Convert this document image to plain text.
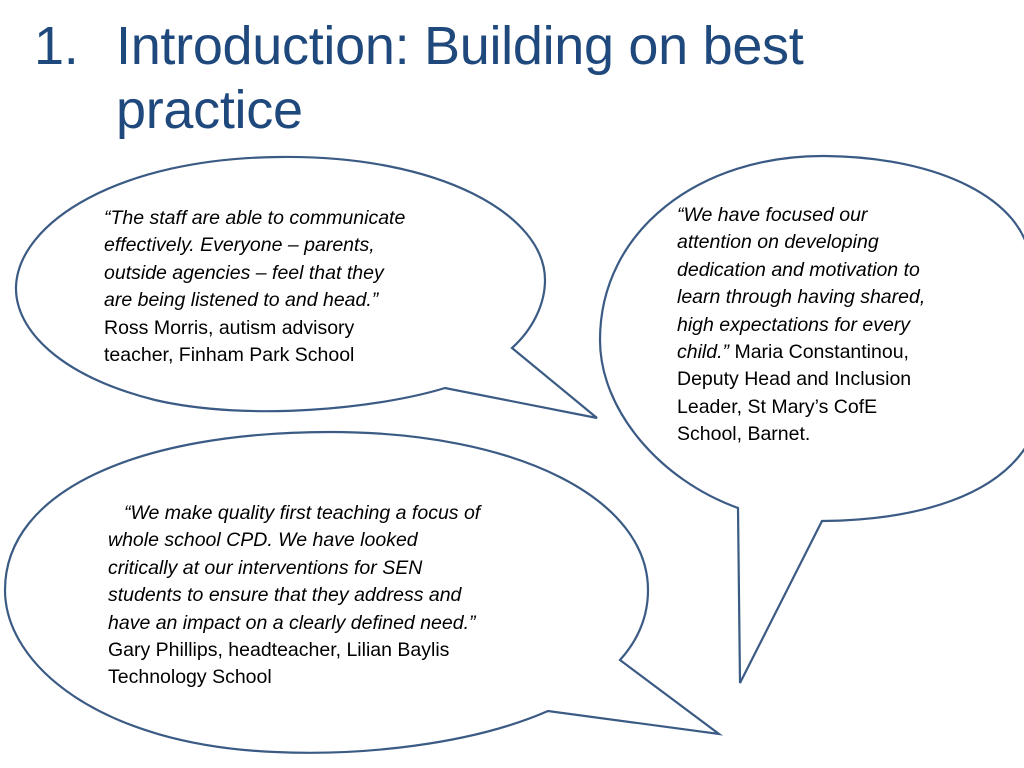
1. Introduction: Building on best practice
“The staff are able to communicate
effectively. Everyone – parents,
outside agencies – feel that they
are being listened to and head.”
Ross Morris, autism advisory
teacher, Finham Park School
“We have focused our
attention on developing
dedication and motivation to
learn through having shared,
high expectations for every
child.” Maria Constantinou,
Deputy Head and Inclusion
Leader, St Mary’s CofE
School, Barnet.
“We make quality first teaching a focus of
whole school CPD. We have looked
critically at our interventions for SEN
students to ensure that they address and
have an impact on a clearly defined need.”
Gary Phillips, headteacher, Lilian Baylis
Technology School
